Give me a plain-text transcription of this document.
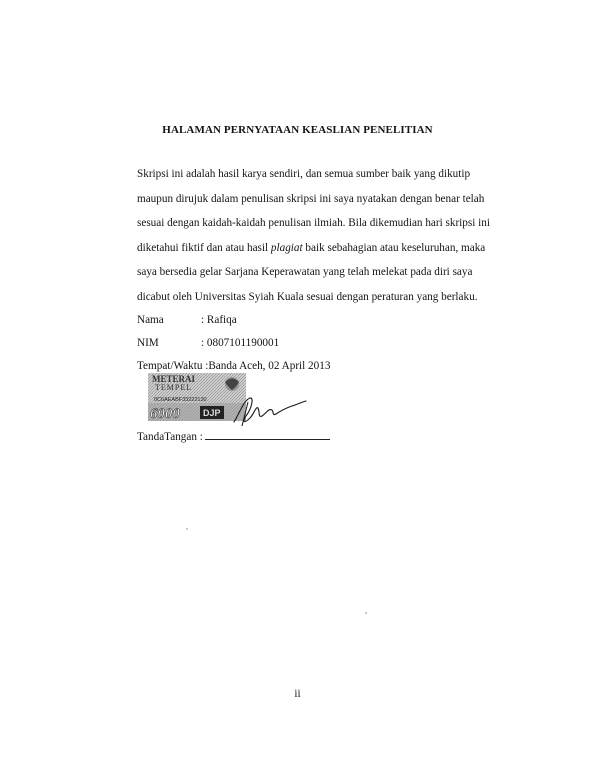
HALAMAN PERNYATAAN KEASLIAN PENELITIAN
Skripsi ini adalah hasil karya sendiri, dan semua sumber baik yang dikutip
maupun dirujuk dalam penulisan skripsi ini saya nyatakan dengan benar telah
sesuai dengan kaidah-kaidah penulisan ilmiah. Bila dikemudian hari skripsi ini
diketahui fiktif dan atau hasil plagiat baik sebahagian atau keseluruhan, maka
saya bersedia gelar Sarjana Keperawatan yang telah melekat pada diri saya
dicabut oleh Universitas Syiah Kuala sesuai dengan peraturan yang berlaku.
Nama	: Rafiqa
NIM	: 0807101190001
Tempat/Waktu :Banda Aceh, 02 April 2013
METERAI
TEMPEL
0C6AEABF33222130
6000	DJP
TandaTangan :
ii
